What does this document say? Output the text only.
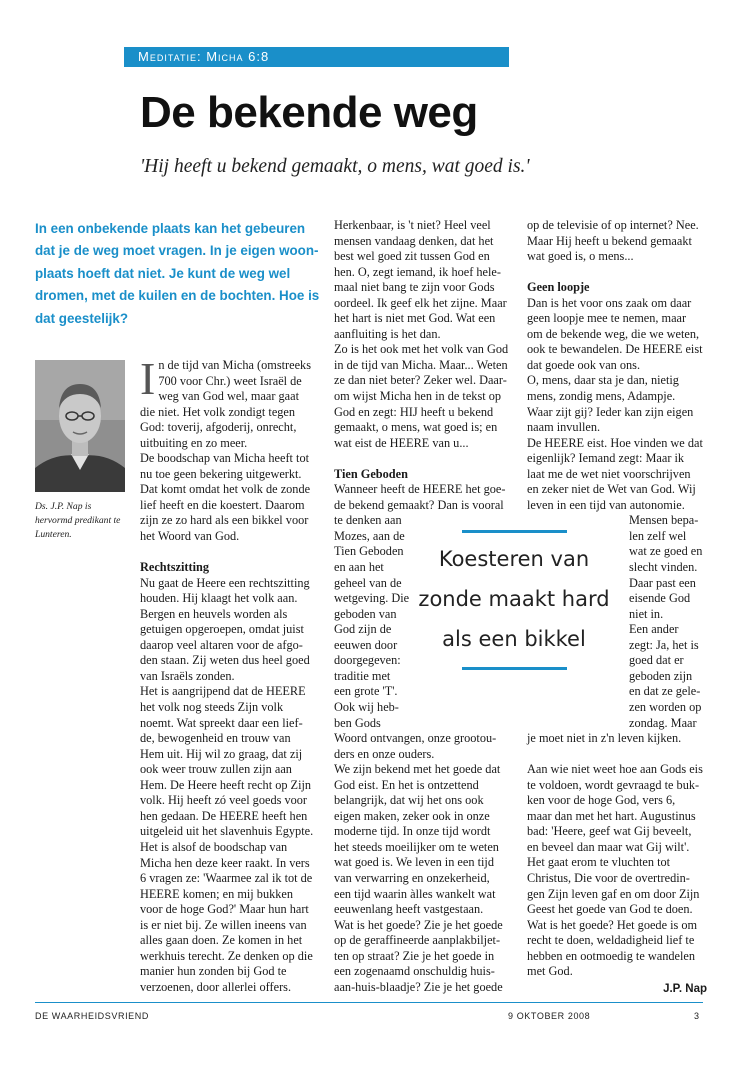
Meditatie: Micha 6:8
De bekende weg
'Hij heeft u bekend gemaakt, o mens, wat goed is.'

In een onbekende plaats kan het gebeuren

dat je de weg moet vragen. In je eigen woon-

plaats hoeft dat niet. Je kunt de weg wel

dromen, met de kuilen en de bochten. Hoe is

dat geestelijk?

Ds. J.P. Nap is

hervormd predikant te

Lunteren.

I n de tijd van Micha (omstreeks

700 voor Chr.) weet Israël de

weg van God wel, maar gaat

die niet. Het volk zondigt tegen

God: toverij, afgoderij, onrecht,

uitbuiting en zo meer.

De boodschap van Micha heeft tot

nu toe geen bekering uitgewerkt.

Dat komt omdat het volk de zonde

lief heeft en die koestert. Daarom

zijn ze zo hard als een bikkel voor

het Woord van God.

Rechtszitting

Nu gaat de Heere een rechtszitting

houden. Hij klaagt het volk aan.

Bergen en heuvels worden als

getuigen opgeroepen, omdat juist

daarop veel altaren voor de afgo-

den staan. Zij weten dus heel goed

van Israëls zonden.

Het is aangrijpend dat de HEERE

het volk nog steeds Zijn volk

noemt. Wat spreekt daar een lief-

de, bewogenheid en trouw van

Hem uit. Hij wil zo graag, dat zij

ook weer trouw zullen zijn aan

Hem. De Heere heeft recht op Zijn

volk. Hij heeft zó veel goeds voor

hen gedaan. De HEERE heeft hen

uitgeleid uit het slavenhuis Egypte.

Het is alsof de boodschap van

Micha hen deze keer raakt. In vers

6 vragen ze: 'Waarmee zal ik tot de

HEERE komen; en mij bukken

voor de hoge God?' Maar hun hart

is er niet bij. Ze willen ineens van

alles gaan doen. Ze komen in het

werkhuis terecht. Ze denken op die

manier hun zonden bij God te

verzoenen, door allerlei offers.

Herkenbaar, is 't niet? Heel veel

mensen vandaag denken, dat het

best wel goed zit tussen God en

hen. O, zegt iemand, ik hoef hele-

maal niet bang te zijn voor Gods

oordeel. Ik geef elk het zijne. Maar

het hart is niet met God. Wat een

aanfluiting is het dan.

Zo is het ook met het volk van God

in de tijd van Micha. Maar... Weten

ze dan niet beter? Zeker wel. Daar-

om wijst Micha hen in de tekst op

God en zegt: HIJ heeft u bekend

gemaakt, o mens, wat goed is; en

wat eist de HEERE van u...

Tien Geboden

Wanneer heeft de HEERE het goe-

de bekend gemaakt? Dan is vooral

te denken aan

Mozes, aan de

Tien Geboden

en aan het

geheel van de

wetgeving. Die

geboden van

God zijn de

eeuwen door

doorgegeven:

traditie met

een grote 'T'.

Ook wij heb-

ben Gods

Woord ontvangen, onze grootou-

ders en onze ouders.

We zijn bekend met het goede dat

God eist. En het is ontzettend

belangrijk, dat wij het ons ook

eigen maken, zeker ook in onze

moderne tijd. In onze tijd wordt

het steeds moeilijker om te weten

wat goed is. We leven in een tijd

van verwarring en onzekerheid,

een tijd waarin àlles wankelt wat

eeuwenlang heeft vastgestaan.

Wat is het goede? Zie je het goede

op de geraffineerde aanplakbiljet-

ten op straat? Zie je het goede in

een zogenaamd onschuldig huis-

aan-huis-blaadje? Zie je het goede

op de televisie of op internet? Nee.

Maar Hij heeft u bekend gemaakt

wat goed is, o mens...

Geen loopje

Dan is het voor ons zaak om daar

geen loopje mee te nemen, maar

om de bekende weg, die we weten,

ook te bewandelen. De HEERE eist

dat goede ook van ons.

O, mens, daar sta je dan, nietig

mens, zondig mens, Adampje.

Waar zijt gij? Ieder kan zijn eigen

naam invullen.

De HEERE eist. Hoe vinden we dat

eigenlijk? Iemand zegt: Maar ik

laat me de wet niet voorschrijven

en zeker niet de Wet van God. Wij

leven in een tijd van autonomie.

Mensen bepa-

len zelf wel

wat ze goed en

slecht vinden.

Daar past een

eisende God

niet in.

Een ander

zegt: Ja, het is

goed dat er

geboden zijn

en dat ze gele-

zen worden op

zondag. Maar

je moet niet in z'n leven kijken.

Aan wie niet weet hoe aan Gods eis

te voldoen, wordt gevraagd te buk-

ken voor de hoge God, vers 6,

maar dan met het hart. Augustinus

bad: 'Heere, geef wat Gij beveelt,

en beveel dan maar wat Gij wilt'.

Het gaat erom te vluchten tot

Christus, Die voor de overtredin-

gen Zijn leven gaf en om door Zijn

Geest het goede van God te doen.

Wat is het goede? Het goede is om

recht te doen, weldadigheid lief te

hebben en ootmoedig te wandelen

met God.

J.P. Nap

Koesteren van

zonde maakt hard

als een bikkel

DE WAARHEIDSVRIEND	9 OKTOBER 2008	3
